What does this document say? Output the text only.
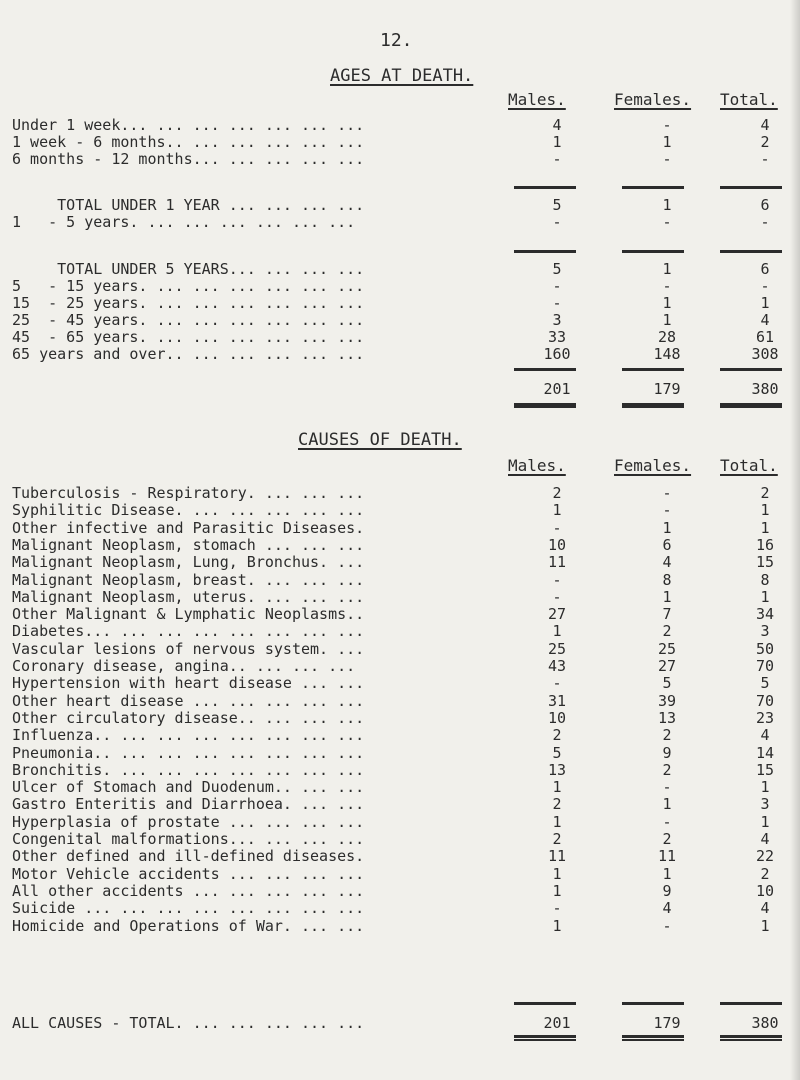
12.
AGES AT DEATH.
Males.	Females. Total.
Under 1 week... ... ... ... ... ... ...	4	-	4
1 week - 6 months.. ... ... ... ... ...	1	1	2
6 months - 12 months... ... ... ... ...	-	-	-
TOTAL UNDER 1 YEAR ... ... ... ...	5	1	6
1   - 5 years. ... ... ... ... ... ...	-	-	-
TOTAL UNDER 5 YEARS... ... ... ...	5	1	6
5   - 15 years. ... ... ... ... ... ...	-	-	-
15  - 25 years. ... ... ... ... ... ...	-	1	1
25  - 45 years. ... ... ... ... ... ...	3	1	4
45  - 65 years. ... ... ... ... ... ...	33	28	61
65 years and over.. ... ... ... ... ...	160	148	308
201	179	380
CAUSES OF DEATH.
Males.	Females. Total.
Tuberculosis - Respiratory. ... ... ...	2	-	2
Syphilitic Disease. ... ... ... ... ...	1	-	1
Other infective and Parasitic Diseases.	-	1	1
Malignant Neoplasm, stomach ... ... ...	10	6	16
Malignant Neoplasm, Lung, Bronchus. ...	11	4	15
Malignant Neoplasm, breast. ... ... ...	-	8	8
Malignant Neoplasm, uterus. ... ... ...	-	1	1
Other Malignant & Lymphatic Neoplasms..	27	7	34
Diabetes... ... ... ... ... ... ... ...	1	2	3
Vascular lesions of nervous system. ...	25	25	50
Coronary disease, angina.. ... ... ...	43	27	70
Hypertension with heart disease ... ...	-	5	5
Other heart disease ... ... ... ... ...	31	39	70
Other circulatory disease.. ... ... ...	10	13	23
Influenza.. ... ... ... ... ... ... ...	2	2	4
Pneumonia.. ... ... ... ... ... ... ...	5	9	14
Bronchitis. ... ... ... ... ... ... ...	13	2	15
Ulcer of Stomach and Duodenum.. ... ...	1	-	1
Gastro Enteritis and Diarrhoea. ... ...	2	1	3
Hyperplasia of prostate ... ... ... ...	1	-	1
Congenital malformations... ... ... ...	2	2	4
Other defined and ill-defined diseases.	11	11	22
Motor Vehicle accidents ... ... ... ...	1	1	2
All other accidents ... ... ... ... ...	1	9	10
Suicide ... ... ... ... ... ... ... ...	-	4	4
Homicide and Operations of War. ... ...	1	-	1
ALL CAUSES - TOTAL. ... ... ... ... ...	201	179	380
